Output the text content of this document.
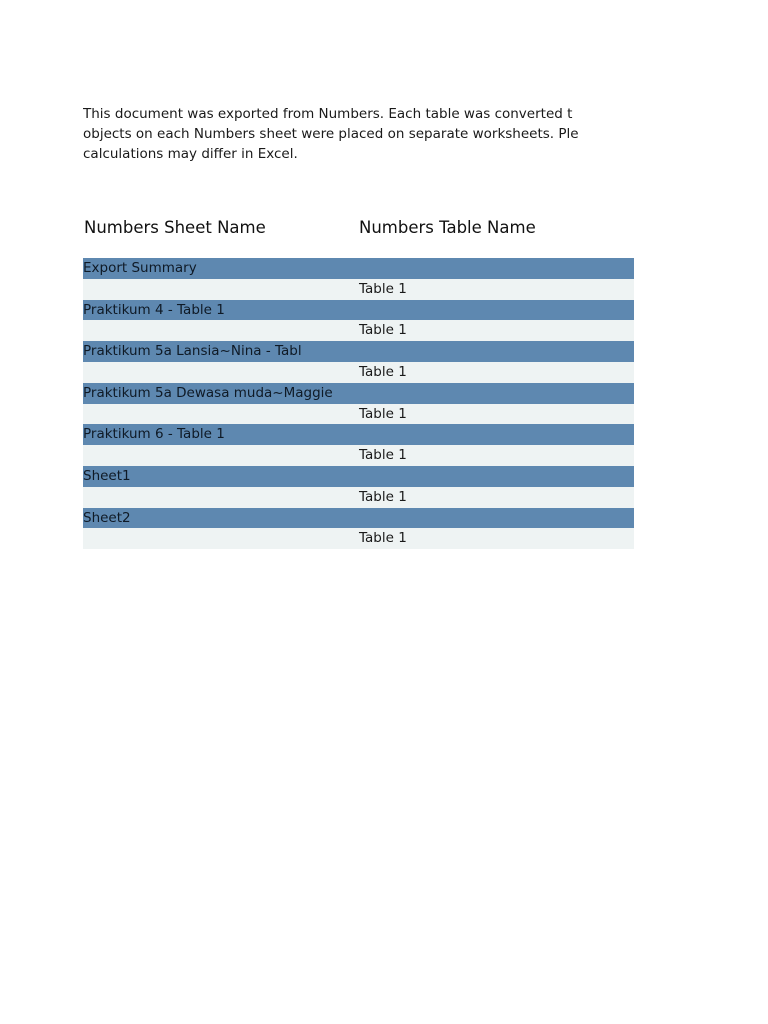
This document was exported from Numbers. Each table was converted t
objects on each Numbers sheet were placed on separate worksheets. Ple
calculations may differ in Excel.
Numbers Sheet Name	Numbers Table Name
Export Summary
Table 1
Praktikum 4 - Table 1
Table 1
Praktikum 5a Lansia~Nina - Tabl
Table 1
Praktikum 5a Dewasa muda~Maggie
Table 1
Praktikum 6 - Table 1
Table 1
Sheet1
Table 1
Sheet2
Table 1
